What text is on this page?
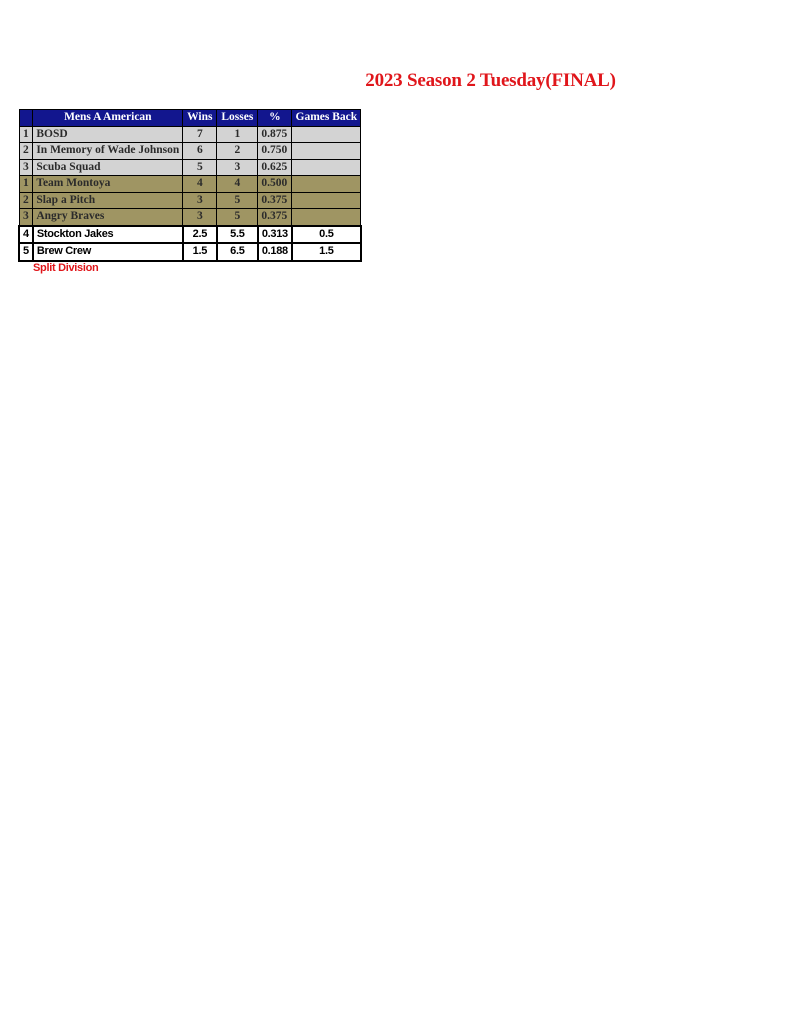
2023 Season 2 Tuesday(FINAL)
	Mens A American	Wins	Losses	%	Games Back
1	BOSD	7	1	0.875	
2	In Memory of Wade Johnson	6	2	0.750	
3	Scuba Squad	5	3	0.625	
1	Team Montoya	4	4	0.500	
2	Slap a Pitch	3	5	0.375	
3	Angry Braves	3	5	0.375	
4	Stockton Jakes	2.5	5.5	0.313	0.5
5	Brew Crew	1.5	6.5	0.188	1.5
Split Division
